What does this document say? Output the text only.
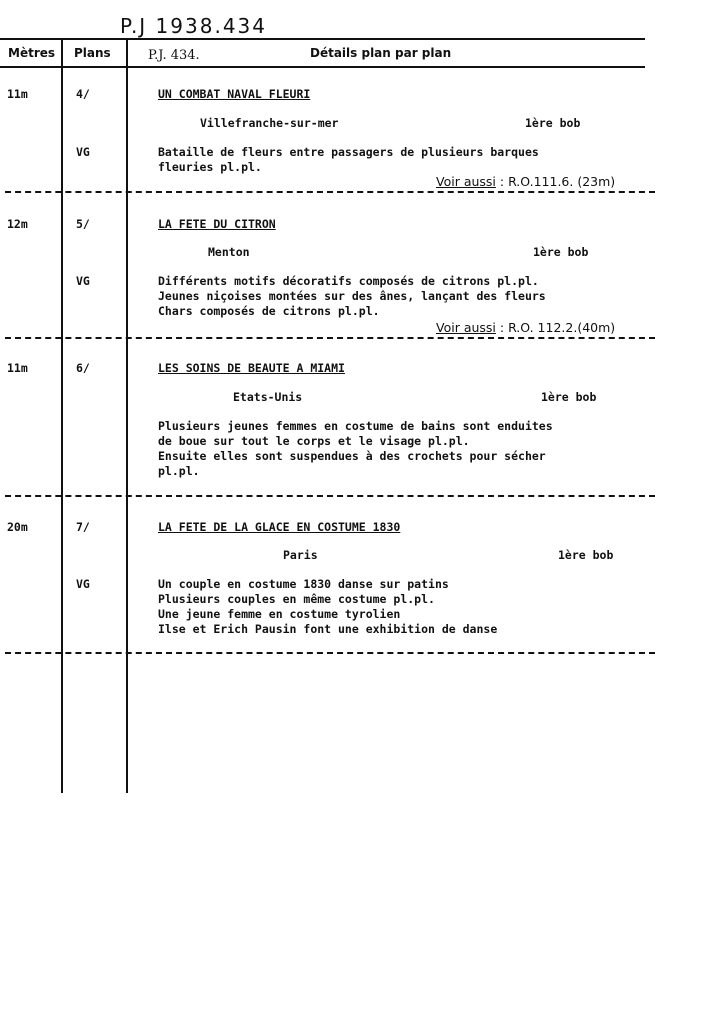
P.J 1938.434
Mètres Plans	P.J. 434.	Détails plan par plan
11m	4/	UN COMBAT NAVAL FLEURI
Villefranche-sur-mer	1ère bob
VG	Bataille de fleurs entre passagers de plusieurs barques
fleuries pl.pl.
Voir aussi : R.O.111.6. (23m)
12m	5/	LA FETE DU CITRON
Menton	1ère bob
VG	Différents motifs décoratifs composés de citrons pl.pl.
Jeunes niçoises montées sur des ânes, lançant des fleurs
Chars composés de citrons pl.pl.
Voir aussi : R.O. 112.2.(40m)
11m	6/	LES SOINS DE BEAUTE A MIAMI
Etats-Unis	1ère bob
Plusieurs jeunes femmes en costume de bains sont enduites
de boue sur tout le corps et le visage pl.pl.
Ensuite elles sont suspendues à des crochets pour sécher
pl.pl.
20m	7/	LA FETE DE LA GLACE EN COSTUME 1830
Paris	1ère bob
VG	Un couple en costume 1830 danse sur patins
Plusieurs couples en même costume pl.pl.
Une jeune femme en costume tyrolien
Ilse et Erich Pausin font une exhibition de danse
